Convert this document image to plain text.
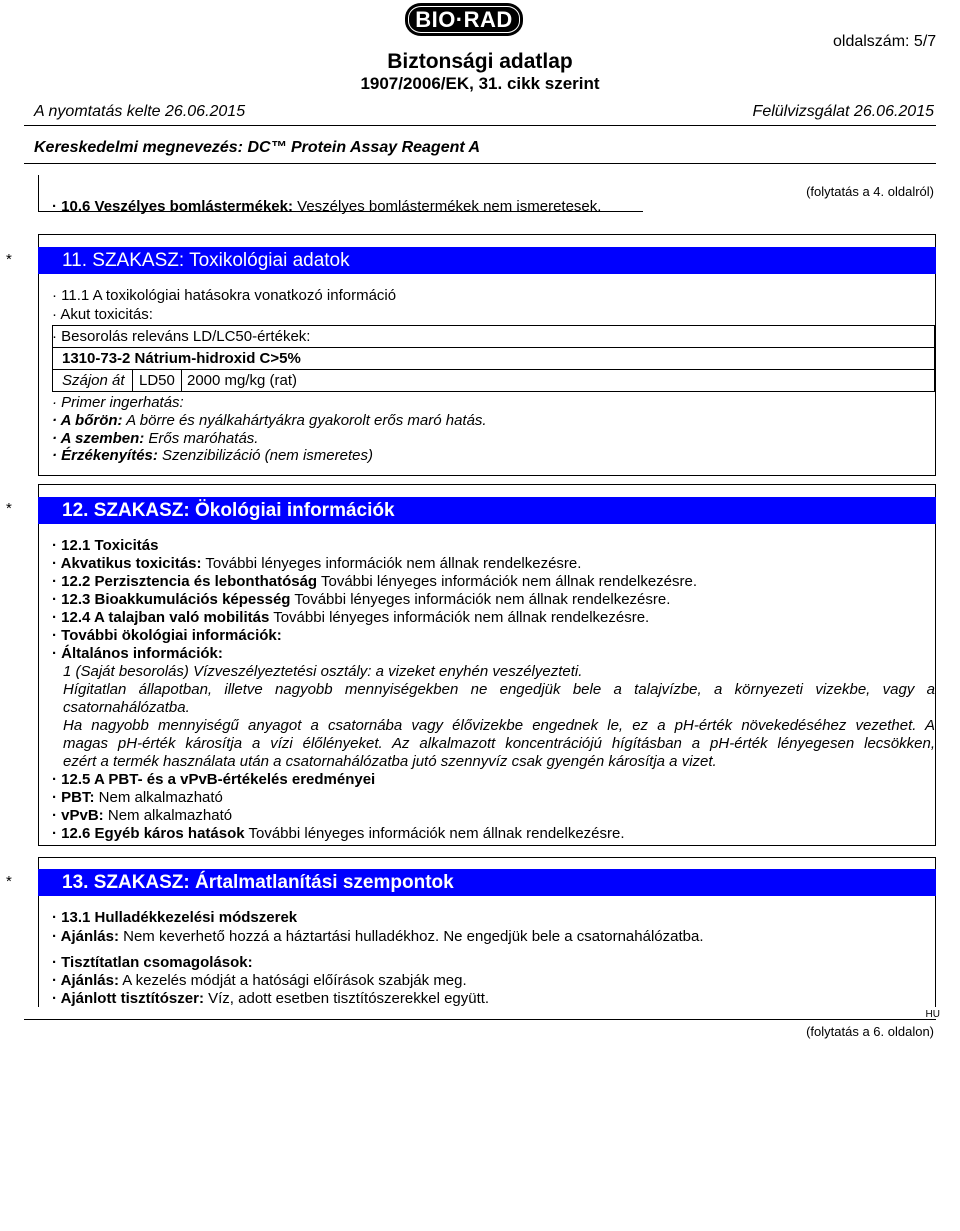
BIO·RAD
oldalszám: 5/7
Biztonsági adatlap
1907/2006/EK, 31. cikk szerint
A nyomtatás kelte 26.06.2015	Felülvizsgálat 26.06.2015
Kereskedelmi megnevezés: DC™ Protein Assay Reagent A
(folytatás a 4. oldalról)
· 10.6 Veszélyes bomlástermékek: Veszélyes bomlástermékek nem ismeretesek.
*	11. SZAKASZ: Toxikológiai adatok
· 11.1 A toxikológiai hatásokra vonatkozó információ
· Akut toxicitás:
· Besorolás releváns LD/LC50-értékek:
1310-73-2 Nátrium-hidroxid C>5%
Szájon át LD50 2000 mg/kg (rat)
· Primer ingerhatás:
· A bőrön: A börre és nyálkahártyákra gyakorolt erős maró hatás.
· A szemben: Erős maróhatás.
· Érzékenyítés: Szenzibilizáció (nem ismeretes)
*	12. SZAKASZ: Ökológiai információk
· 12.1 Toxicitás
· Akvatikus toxicitás: További lényeges információk nem állnak rendelkezésre.
· 12.2 Perzisztencia és lebonthatóság További lényeges információk nem állnak rendelkezésre.
· 12.3 Bioakkumulációs képesség További lényeges információk nem állnak rendelkezésre.
· 12.4 A talajban való mobilitás További lényeges információk nem állnak rendelkezésre.
· További ökológiai információk:
· Általános információk:
1 (Saját besorolás) Vízveszélyeztetési osztály: a vizeket enyhén veszélyezteti.
Hígitatlan állapotban, illetve nagyobb mennyiségekben ne engedjük bele a talajvízbe, a környezeti vizekbe, vagy a
csatornahálózatba.
Ha nagyobb mennyiségű anyagot a csatornába vagy élővizekbe engednek le, ez a pH-érték növekedéséhez vezethet. A
magas pH-érték károsítja a vízi élőlényeket. Az alkalmazott koncentrációjú hígításban a pH-érték lényegesen lecsökken,
ezért a termék használata után a csatornahálózatba jutó szennyvíz csak gyengén károsítja a vizet.
· 12.5 A PBT- és a vPvB-értékelés eredményei
· PBT: Nem alkalmazható
· vPvB: Nem alkalmazható
· 12.6 Egyéb káros hatások További lényeges információk nem állnak rendelkezésre.
*	13. SZAKASZ: Ártalmatlanítási szempontok
· 13.1 Hulladékkezelési módszerek
· Ajánlás: Nem keverhető hozzá a háztartási hulladékhoz. Ne engedjük bele a csatornahálózatba.
· Tisztítatlan csomagolások:
· Ajánlás: A kezelés módját a hatósági előírások szabják meg.
· Ajánlott tisztítószer: Víz, adott esetben tisztítószerekkel együtt.
HU
(folytatás a 6. oldalon)
